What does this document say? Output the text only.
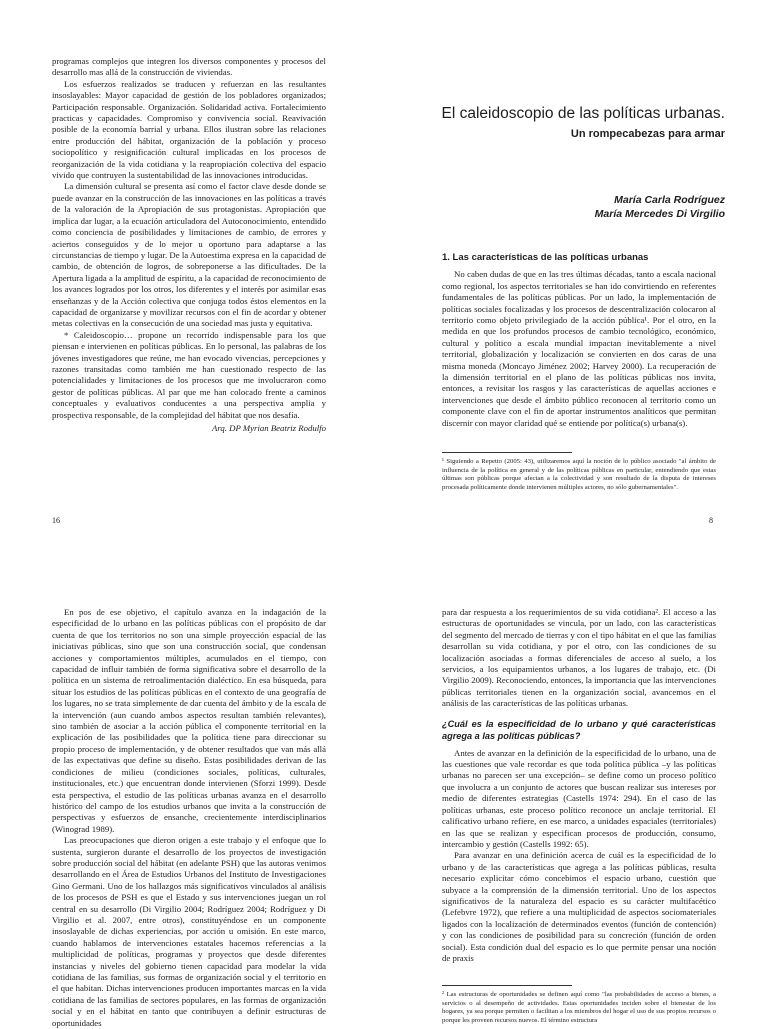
programas complejos que integren los diversos componentes y procesos del desarrollo mas allá de la construcción de viviendas.

Los esfuerzos realizados se traducen y refuerzan en las resultantes insoslayables: Mayor capacidad de gestión de los pobladores organizados; Participación responsable. Organización. Solidaridad activa. Fortalecimiento practicas y capacidades. Compromiso y convivencia social. Reavivación posible de la economía barrial y urbana. Ellos ilustran sobre las relaciones entre producción del hábitat, organización de la población y proceso sociopolítico y resignificación cultural implicadas en los procesos de reorganización de la vida cotidiana y la reapropiación colectiva del espacio vivido que contruyen la sustentabilidad de las innovaciones introducidas.

La dimensión cultural se presenta así como el factor clave desde donde se puede avanzar en la construcción de las innovaciones en las políticas a través de la valoración de la Apropiación de sus protagonistas. Apropiación que implica dar lugar, a la ecuación articuladora del Autoconocimiento, entendido como conciencia de posibilidades y limitaciones de cambio, de errores y aciertos conseguidos y de lo mejor u oportuno para adaptarse a las circunstancias de tiempo y lugar. De la Autoestima expresa en la capacidad de cambio, de obtención de logros, de sobreponerse a las dificultades. De la Apertura ligada a la amplitud de espíritu, a la capacidad de reconocimiento de los avances logrados por los otros, los diferentes y el interés por asimilar esas enseñanzas y de la Acción colectiva que conjuga todos éstos elementos en la capacidad de organizarse y movilizar recursos con el fin de acordar y obtener metas colectivas en la consecución de una sociedad mas justa y equitativa.

* Caleidoscopio… propone un recorrido indispensable para los que piensan e intervienen en políticas públicas. En lo personal, las palabras de los jóvenes investigadores que reúne, me han evocado vivencias, percepciones y razones transitadas como también me han cuestionado respecto de las potencialidades y limitaciones de los procesos que me involucraron como gestor de políticas públicas. Al par que me han colocado frente a caminos conceptuales y evaluativos conducentes a una perspectiva amplia y prospectiva responsable, de la complejidad del hábitat que nos desafía.

Arq. DP Myrian Beatriz Rodulfo

16
El caleidoscopio de las políticas urbanas.
Un rompecabezas para armar
María Carla Rodríguez
María Mercedes Di Virgilio
1. Las características de las políticas urbanas

No caben dudas de que en las tres últimas décadas, tanto a escala nacional como regional, los aspectos territoriales se han ido convirtiendo en referentes fundamentales de las políticas públicas. Por un lado, la implementación de políticas sociales focalizadas y los procesos de descentralización colocaron al territorio como objeto privilegiado de la acción pública¹. Por el otro, en la medida en que los profundos procesos de cambio tecnológico, económico, cultural y político a escala mundial impactan inevitablemente a nivel territorial, globalización y localización se convierten en dos caras de una misma moneda (Moncayo Jiménez 2002; Harvey 2000). La recuperación de la dimensión territorial en el plano de las políticas públicas nos invita, entonces, a revisitar los rasgos y las características de aquellas acciones e intervenciones que desde el ámbito público reconocen al territorio como un componente clave con el fin de aportar instrumentos analíticos que permitan discernir con mayor claridad qué se entiende por política(s) urbana(s).

¹ Siguiendo a Repetto (2005: 43), utilizaremos aquí la noción de lo público asociado "al ámbito de influencia de la política en general y de las políticas públicas en particular, entendiendo que estas últimas son públicas porque afectan a la colectividad y son resultado de la disputa de intereses procesada políticamente donde intervienen múltiples actores, no sólo gubernamentales".
8

En pos de ese objetivo, el capítulo avanza en la indagación de la especificidad de lo urbano en las políticas públicas con el propósito de dar cuenta de que los territorios no son una simple proyección espacial de las iniciativas públicas, sino que son una construcción social, que condensan acciones y comportamientos múltiples, acumulados en el tiempo, con capacidad de influir también de forma significativa sobre el desarrollo de la política en un sistema de retroalimentación dialéctico. En esa búsqueda, para situar los estudios de las políticas públicas en el contexto de una geografía de los lugares, no se trata simplemente de dar cuenta del ámbito y de la escala de la intervención (aun cuando ambos aspectos resultan también relevantes), sino también de asociar a la acción pública el componente territorial en la explicación de las posibilidades que la política tiene para direccionar su propio proceso de implementación, y de obtener resultados que van más allá de las expectativas que define su diseño. Estas posibilidades derivan de las condiciones de milieu (condiciones sociales, políticas, culturales, institucionales, etc.) que encuentran donde intervienen (Sforzi 1999). Desde esta perspectiva, el estudio de las políticas urbanas avanza en el desarrollo histórico del campo de los estudios urbanos que invita a la construcción de perspectivas y esfuerzos de ensanche, crecientemente interdisciplinarios (Winograd 1989).

Las preocupaciones que dieron origen a este trabajo y el enfoque que lo sustenta, surgieron durante el desarrollo de los proyectos de investigación sobre producción social del hábitat (en adelante PSH) que las autoras venimos desarrollando en el Área de Estudios Urbanos del Instituto de Investigaciones Gino Germani. Uno de los hallazgos más significativos vinculados al análisis de los procesos de PSH es que el Estado y sus intervenciones juegan un rol central en su desarrollo (Di Virgilio 2004; Rodríguez 2004; Rodríguez y Di Virgilio et al. 2007, entre otros), constituyéndose en un componente insoslayable de dichas experiencias, por acción u omisión. En este marco, cuando hablamos de intervenciones estatales hacemos referencias a la multiplicidad de políticas, programas y proyectos que desde diferentes instancias y niveles del gobierno tienen capacidad para modelar la vida cotidiana de las familias, sus formas de organización social y el territorio en el que habitan. Dichas intervenciones producen importantes marcas en la vida cotidiana de las familias de sectores populares, en las formas de organización social y en el hábitat en tanto que contribuyen a definir estructuras de oportunidades

para dar respuesta a los requerimientos de su vida cotidiana². El acceso a las estructuras de oportunidades se vincula, por un lado, con las características del segmento del mercado de tierras y con el tipo hábitat en el que las familias desarrollan su vida cotidiana, y por el otro, con las condiciones de su localización asociadas a formas diferenciales de acceso al suelo, a los servicios, a los equipamientos urbanos, a los lugares de trabajo, etc. (Di Virgilio 2009). Reconociendo, entonces, la importancia que las intervenciones públicas territoriales tienen en la organización social, avancemos en el análisis de las características de las políticas urbanas.

¿Cuál es la especificidad de lo urbano y qué características agrega a las políticas públicas?

Antes de avanzar en la definición de la especificidad de lo urbano, una de las cuestiones que vale recordar es que toda política pública –y las políticas urbanas no parecen ser una excepción– se define como un proceso político que involucra a un conjunto de actores que buscan realizar sus intereses por medio de diferentes estrategias (Castells 1974: 294). En el caso de las políticas urbanas, este proceso político reconoce un anclaje territorial. El calificativo urbano refiere, en ese marco, a unidades espaciales (territoriales) en las que se realizan y especifican procesos de producción, consumo, intercambio y gestión (Castells 1992: 65).

Para avanzar en una definición acerca de cuál es la especificidad de lo urbano y de las características que agrega a las políticas públicas, resulta necesario explicitar cómo concebimos el espacio urbano, cuestión que subyace a la comprensión de la dimensión territorial. Uno de los aspectos significativos de la naturaleza del espacio es su carácter multifacético (Lefebvre 1972), que refiere a una multiplicidad de aspectos sociomateriales ligados con la localización de determinados eventos (función de contención) y con las condiciones de posibilidad para su concreción (función de orden social). Esta condición dual del espacio es lo que permite pensar una noción de praxis

² Las estructuras de oportunidades se definen aquí como "las probabilidades de acceso a bienes, a servicios o al desempeño de actividades. Estas oportunidades inciden sobre el bienestar de los hogares, ya sea porque permiten o facilitan a los miembros del hogar el uso de sus propios recursos o porque les proveen recursos nuevos. El término estructura
